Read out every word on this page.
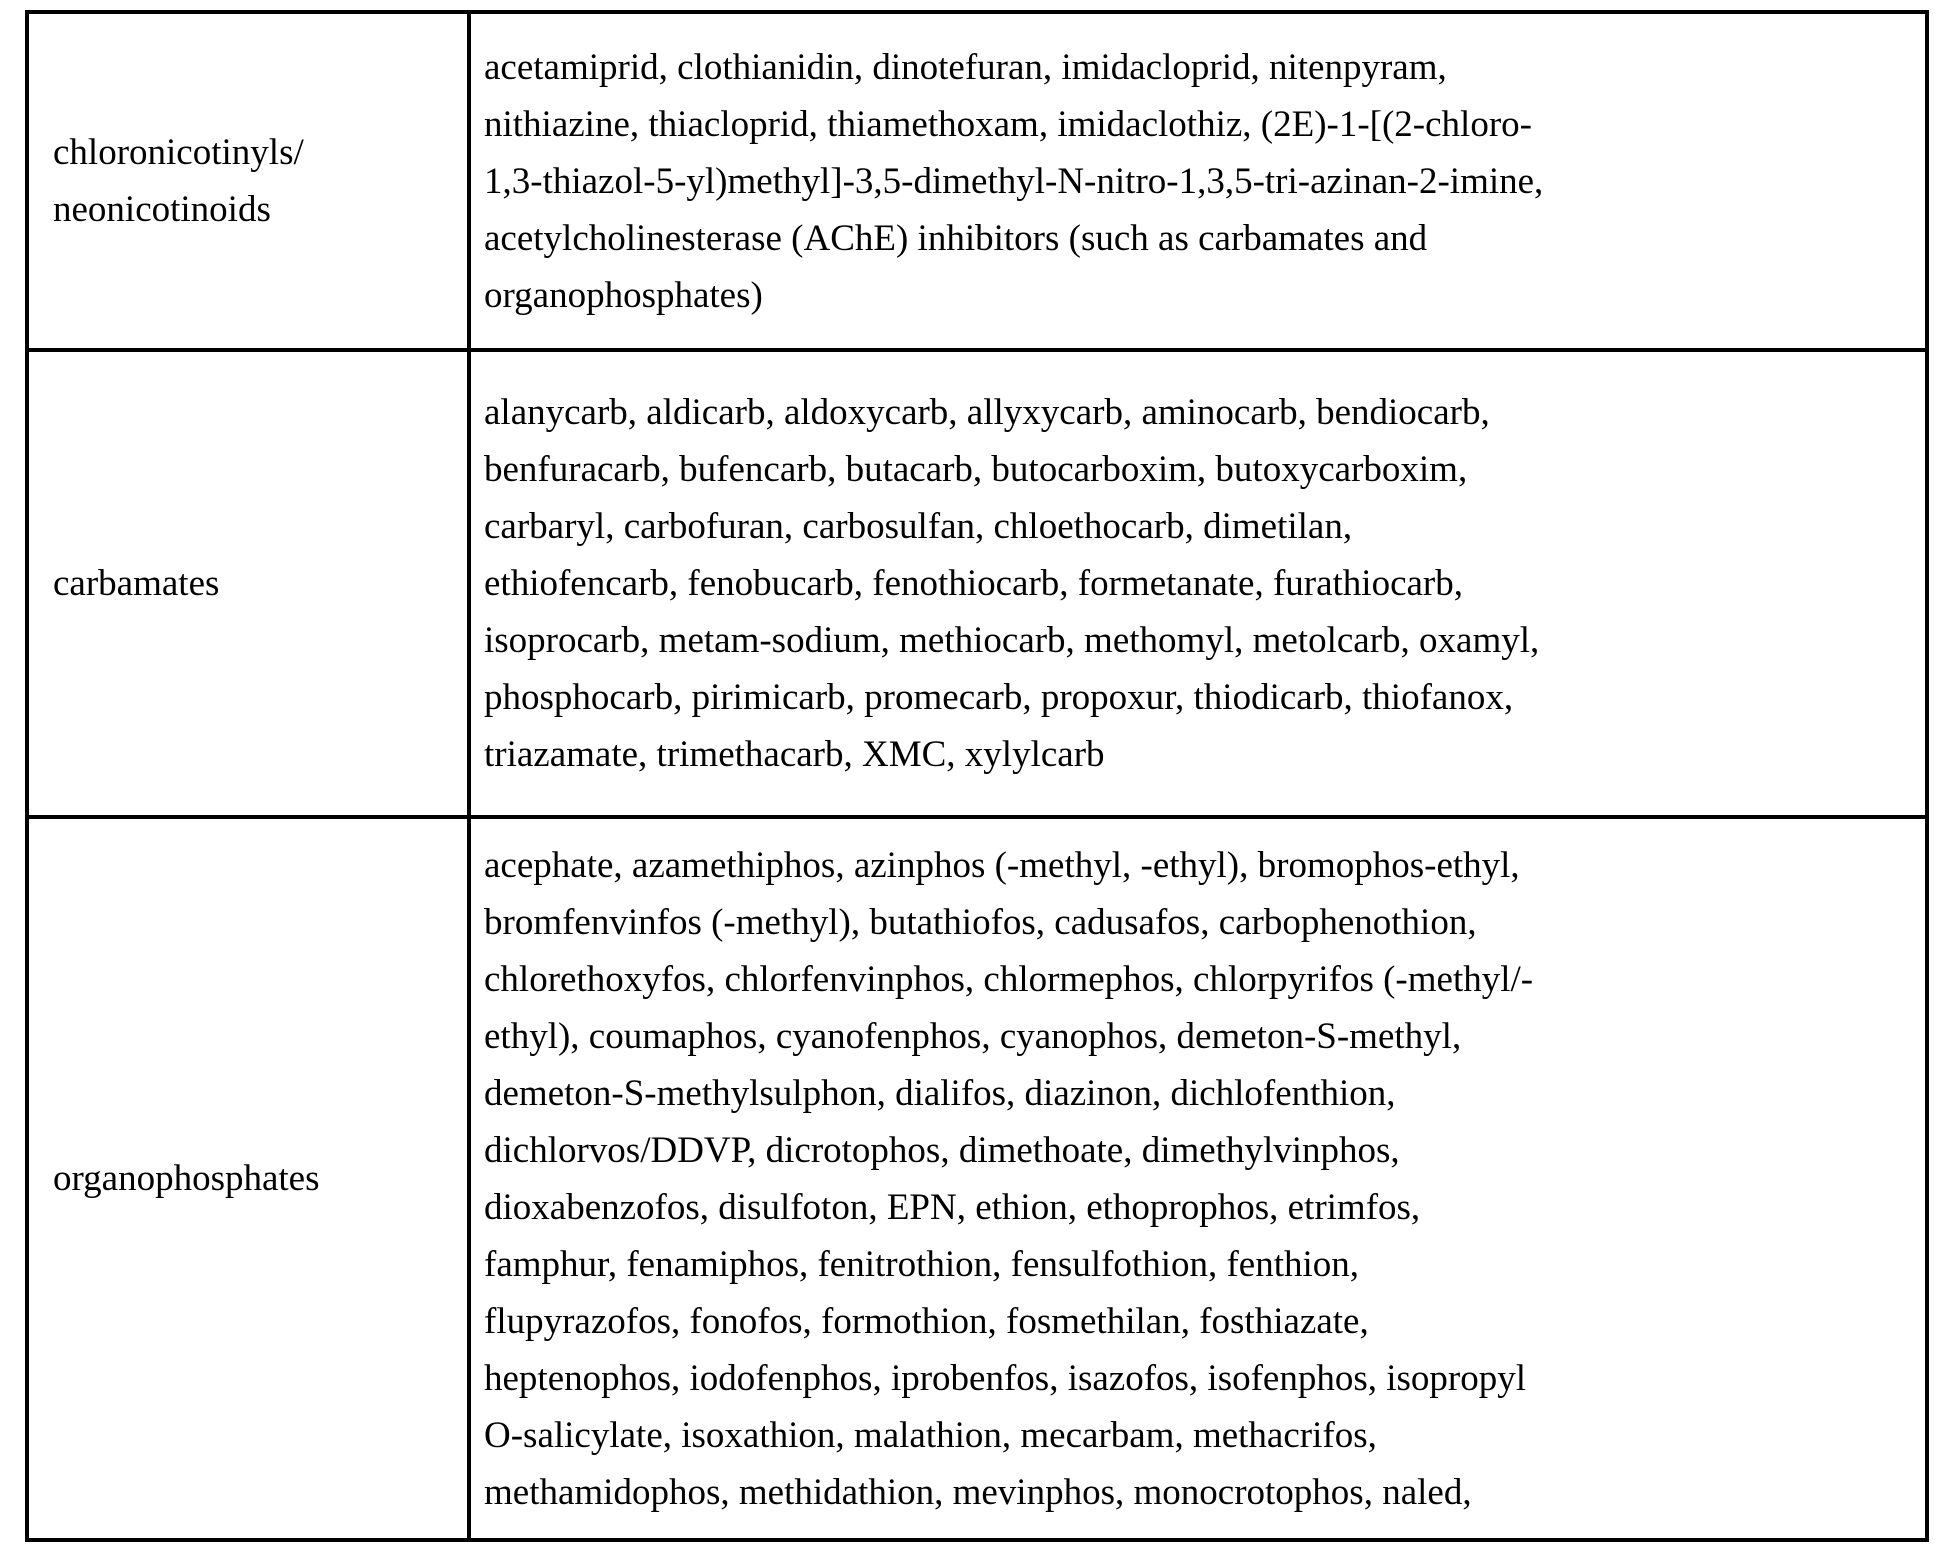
chloronicotinyls/
neonicotinoids	acetamiprid, clothianidin, dinotefuran, imidacloprid, nitenpyram,
nithiazine, thiacloprid, thiamethoxam, imidaclothiz, (2E)-1-[(2-chloro-
1,3-thiazol-5-yl)methyl]-3,5-dimethyl-N-nitro-1,3,5-tri-azinan-2-imine,
acetylcholinesterase (AChE) inhibitors (such as carbamates and
organophosphates)
carbamates	alanycarb, aldicarb, aldoxycarb, allyxycarb, aminocarb, bendiocarb,
benfuracarb, bufencarb, butacarb, butocarboxim, butoxycarboxim,
carbaryl, carbofuran, carbosulfan, chloethocarb, dimetilan,
ethiofencarb, fenobucarb, fenothiocarb, formetanate, furathiocarb,
isoprocarb, metam-sodium, methiocarb, methomyl, metolcarb, oxamyl,
phosphocarb, pirimicarb, promecarb, propoxur, thiodicarb, thiofanox,
triazamate, trimethacarb, XMC, xylylcarb
organophosphates	acephate, azamethiphos, azinphos (-methyl, -ethyl), bromophos-ethyl,
bromfenvinfos (-methyl), butathiofos, cadusafos, carbophenothion,
chlorethoxyfos, chlorfenvinphos, chlormephos, chlorpyrifos (-methyl/-
ethyl), coumaphos, cyanofenphos, cyanophos, demeton-S-methyl,
demeton-S-methylsulphon, dialifos, diazinon, dichlofenthion,
dichlorvos/DDVP, dicrotophos, dimethoate, dimethylvinphos,
dioxabenzofos, disulfoton, EPN, ethion, ethoprophos, etrimfos,
famphur, fenamiphos, fenitrothion, fensulfothion, fenthion,
flupyrazofos, fonofos, formothion, fosmethilan, fosthiazate,
heptenophos, iodofenphos, iprobenfos, isazofos, isofenphos, isopropyl
O-salicylate, isoxathion, malathion, mecarbam, methacrifos,
methamidophos, methidathion, mevinphos, monocrotophos, naled,
